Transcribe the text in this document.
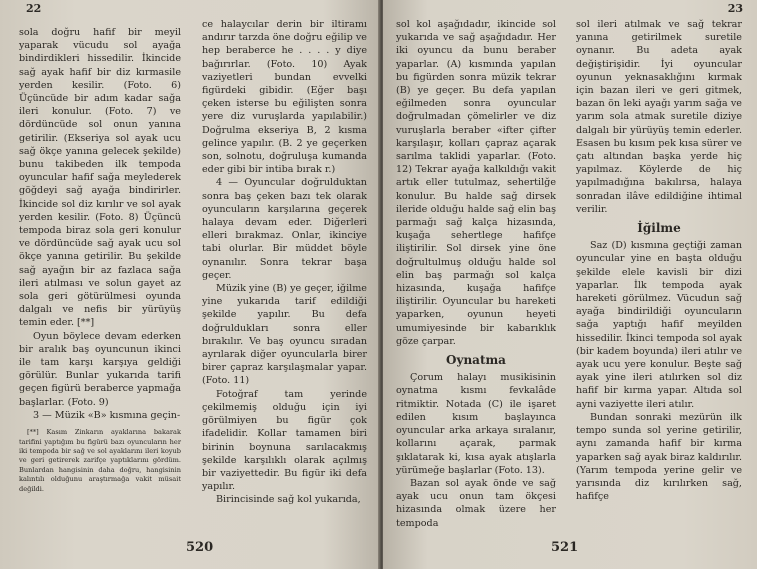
22

sola doğru hafif bir meyil yaparak vücudu sol ayağa bindirdikleri hissedilir. İkincide sağ ayak hafif bir diz kırmasile yerden kesilir. (Foto. 6) Üçüncüde bir adım kadar sağa ileri konulur. (Foto. 7) ve dördüncüde sol onun yanına getirilir. (Ekseriya sol ayak ucu sağ ökçe yanına gelecek şekilde) bunu takibeden ilk tempoda oyuncular hafif sağa meylederek göğdeyi sağ ayağa bindirirler. İkincide sol diz kırılır ve sol ayak yerden kesilir. (Foto. 8) Üçüncü tempoda biraz sola geri konulur ve dördüncüde sağ ayak ucu sol ökçe yanına getirilir. Bu şekilde sağ ayağın bir az fazlaca sağa ileri atılması ve solun gayet az sola geri götürülmesi oyunda dalgalı ve nefis bir yürüyüş temin eder. [**]

Oyun böylece devam ederken bir aralık baş oyuncunun ikinci ile tam karşı karşıya geldiği görülür. Bunlar yukarıda tarifi geçen figürü beraberce yapmağa başlarlar. (Foto. 9)

3 — Müzik «B» kısmına geçin-

[**] Kasım Zinkarın ayaklarına bakarak tarifini yaptığım bu figürü bazı oyuncuların her iki tempoda bir sağ ve sol ayaklarını ileri koyub ve geri getirerek zarifçe yaptıklarını gördüm. Bunlardan hangisinin daha doğru, hangisinin kalıntılı olduğunu araştırmağa vakit müsait değildi.

ce halaycılar derin bir iltiramı andırır tarzda öne doğru eğilip ve hep beraberce he . . . . y diye bağırırlar. (Foto. 10) Ayak vaziyetleri bundan evvelki figürdeki gibidir. (Eğer başı çeken isterse bu eğilişten sonra yere diz vuruşlarda yapılabilir.) Doğrulma ekseriya B, 2 kısma gelince yapılır. (B. 2 ye geçerken son, solnotu, doğruluşa kumanda eder gibi bir intiba bırak r.)

4 — Oyuncular doğrulduktan sonra baş çeken bazı tek olarak oyuncuların karşılarına geçerek halaya devam eder. Diğerleri elleri bırakmaz. Onlar, ikinciye tabi olurlar. Bir müddet böyle oynanılır. Sonra tekrar başa geçer.

Müzik yine (B) ye geçer, iğilme yine yukarıda tarif edildiği şekilde yapılır. Bu defa doğruldukları sonra eller bırakılır. Ve baş oyuncu sıradan ayrılarak diğer oyuncularla birer birer çapraz karşılaşmalar yapar. (Foto. 11)

Fotoğraf tam yerinde çekilmemiş olduğu için iyi görülmiyen bu figür çok ifadelidir. Kollar tamamen biri birinin boynuna sarılacakmış şekilde karşılıklı olarak açılmış bir vaziyettedir. Bu figür iki defa yapılır.

Birincisinde sağ kol yukarıda,

520
23

sol kol aşağıdadır, ikincide sol yukarıda ve sağ aşağıdadır. Her iki oyuncu da bunu beraber yaparlar. (A) kısmında yapılan bu figürden sonra müzik tekrar (B) ye geçer. Bu defa yapılan eğilmeden sonra oyuncular doğrulmadan çömelirler ve diz vuruşlarla beraber «ifter çifter karşılaşır, kolları çapraz açarak sarılma taklidi yaparlar. (Foto. 12) Tekrar ayağa kalkıldığı vakit artık eller tutulmaz, sehertilğe konulur. Bu halde sağ dirsek ileride olduğu halde sağ elin baş parmağı sağ kalça hizasında, kuşağa sehertlege hafifçe iliştirilir. Sol dirsek yine öne doğrultulmuş olduğu halde sol elin baş parmağı sol kalça hizasında, kuşağa hafifçe iliştirilir. Oyuncular bu hareketi yaparken, oyunun heyeti umumiyesinde bir kabarıklık göze çarpar.

Oynatma

Çorum halayı musikisinin oynatma kısmı fevkalâde ritmiktir. Notada (C) ile işaret edilen kısım başlayınca oyuncular arka arkaya sıralanır, kollarını açarak, parmak şıklatarak ki, kısa ayak atışlarla yürümeğe başlarlar (Foto. 13).

Bazan sol ayak önde ve sağ ayak ucu onun tam ökçesi hizasında olmak üzere her tempoda

sol ileri atılmak ve sağ tekrar yanına getirilmek suretile oynanır. Bu adeta ayak değiştirişidir. İyi oyuncular oyunun yeknasaklığını kırmak için bazan ileri ve geri gitmek, bazan ön leki ayağı yarım sağa ve yarım sola atmak suretile diziye dalgalı bir yürüyüş temin ederler. Esasen bu kısım pek kısa sürer ve çatı altından başka yerde hiç yapılmaz. Köylerde de hiç yapılmadığına bakılırsa, halaya sonradan ilâve edildiğine ihtimal verilir.

İğilme

Saz (D) kısmına geçtiği zaman oyuncular yine en başta olduğu şekilde elele kavisli bir dizi yaparlar. İlk tempoda ayak hareketi görülmez. Vücudun sağ ayağa bindirildiği oyuncuların sağa yaptığı hafif meyilden hissedilir. İkinci tempoda sol ayak (bir kadem boyunda) ileri atılır ve ayak ucu yere konulur. Beşte sağ ayak yine ileri atılırken sol diz hafif bir kırma yapar. Altıda sol ayni vaziyette ileri atılır.

Bundan sonraki mezürün ilk tempo sunda sol yerine getirilir, aynı zamanda hafif bir kırma yaparken sağ ayak biraz kaldırılır. (Yarım tempoda yerine gelir ve yarısında diz kırılırken sağ, hafifçe

521
